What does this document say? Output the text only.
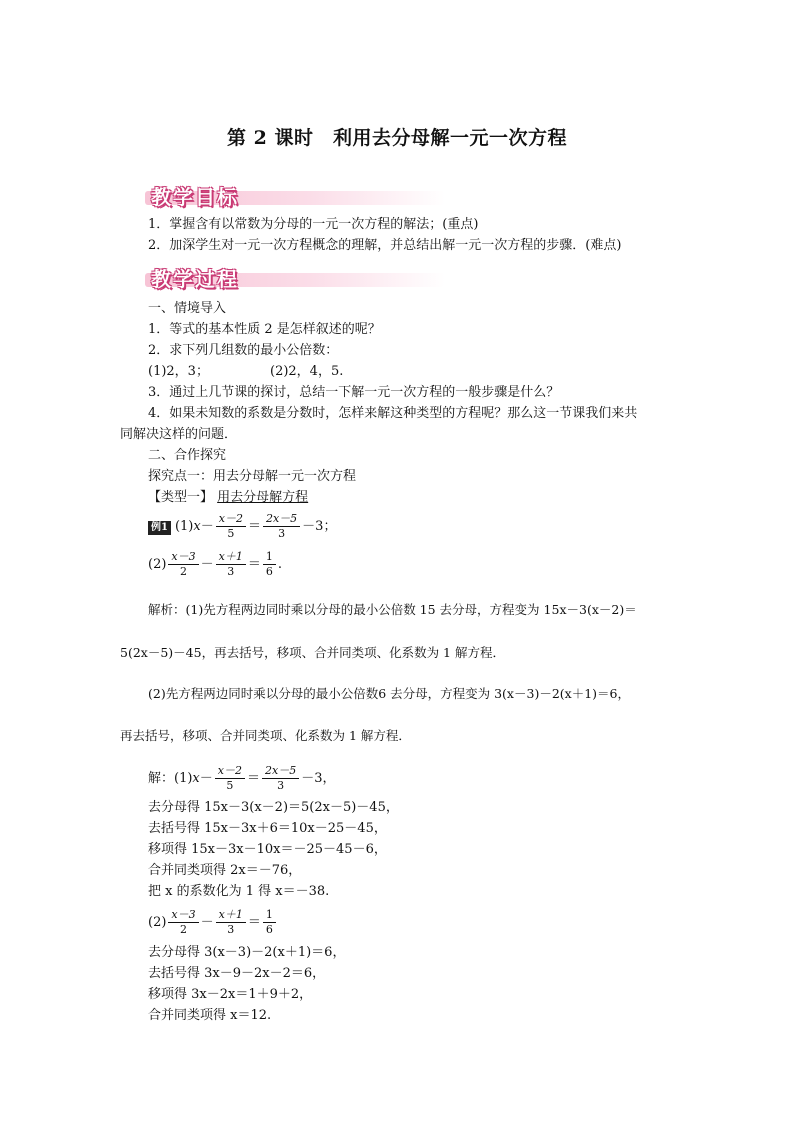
第 2 课时　利用去分母解一元一次方程
教学目标
1．掌握含有以常数为分母的一元一次方程的解法；(重点)
2．加深学生对一元一次方程概念的理解，并总结出解一元一次方程的步骤．(难点)
教学过程
一、情境导入
1．等式的基本性质 2 是怎样叙述的呢？
2．求下列几组数的最小公倍数：
(1)2，3；	(2)2，4，5.
3．通过上几节课的探讨，总结一下解一元一次方程的一般步骤是什么？
4．如果未知数的系数是分数时，怎样来解这种类型的方程呢？那么这一节课我们来共
同解决这样的问题．
二、合作探究
探究点一：用去分母解一元一次方程
【类型一】 用去分母解方程
例1 $(1)x- \frac{x-2}{5} = \frac{2x-5}{3} -3$；
$(2) \frac{x-3}{2} - \frac{x+1}{3} = \frac{1}{6}$ .
解析：(1)先方程两边同时乘以分母的最小公倍数 15 去分母，方程变为 15x－3(x－2)＝
5(2x－5)－45，再去括号，移项、合并同类项、化系数为 1 解方程．
(2)先方程两边同时乘以分母的最小公倍数6 去分母，方程变为 3(x－3)－2(x＋1)＝6，
再去括号，移项、合并同类项、化系数为 1 解方程．
解：$(1)x- \frac{x-2}{5} = \frac{2x-5}{3} -3$，
去分母得 15x－3(x－2)＝5(2x－5)－45，
去括号得 15x－3x＋6＝10x－25－45，
移项得 15x－3x－10x＝－25－45－6，
合并同类项得 2x＝－76，
把 x 的系数化为 1 得 x＝－38.
$(2) \frac{x-3}{2} - \frac{x+1}{3} = \frac{1}{6}$
去分母得 3(x－3)－2(x＋1)＝6，
去括号得 3x－9－2x－2＝6，
移项得 3x－2x＝1＋9＋2，
合并同类项得 x＝12.
